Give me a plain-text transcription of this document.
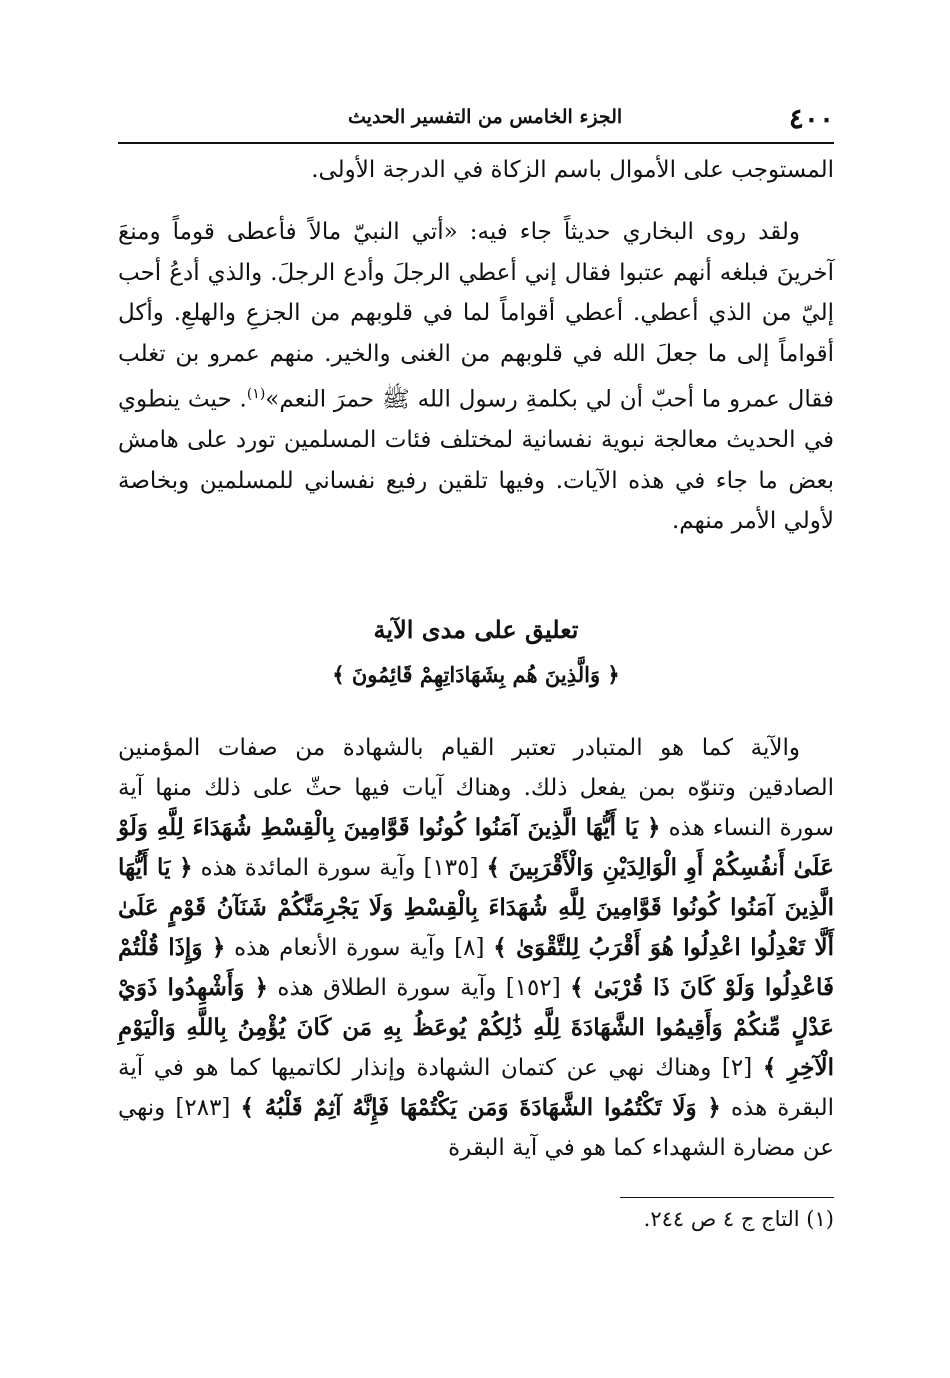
٤٠٠
الجزء الخامس من التفسير الحديث

المستوجب على الأموال باسم الزكاة في الدرجة الأولى.

ولقد روى البخاري حديثاً جاء فيه: «أتي النبيّ مالاً فأعطى قوماً ومنعَ آخرينَ فبلغه أنهم عتبوا فقال إني أعطي الرجلَ وأدع الرجلَ. والذي أدعُ أحب إليّ من الذي أعطي. أعطي أقواماً لما في قلوبهم من الجزعِ والهلعِ. وأكل أقواماً إلى ما جعلَ الله في قلوبهم من الغنى والخير. منهم عمرو بن تغلب فقال عمرو ما أحبّ أن لي بكلمةِ رسول الله ﷺ حمرَ النعم»$^{(١)}$. حيث ينطوي في الحديث معالجة نبوية نفسانية لمختلف فئات المسلمين تورد على هامش بعض ما جاء في هذه الآيات. وفيها تلقين رفيع نفساني للمسلمين وبخاصة لأولي الأمر منهم.

تعليق على مدى الآية
﴿ وَالَّذِينَ هُم بِشَهَادَاتِهِمْ قَائِمُونَ ﴾

والآية كما هو المتبادر تعتبر القيام بالشهادة من صفات المؤمنين الصادقين وتنوّه بمن يفعل ذلك. وهناك آيات فيها حثّ على ذلك منها آية سورة النساء هذه ﴿ يَا أَيُّهَا الَّذِينَ آمَنُوا كُونُوا قَوَّامِينَ بِالْقِسْطِ شُهَدَاءَ لِلَّهِ وَلَوْ عَلَىٰ أَنفُسِكُمْ أَوِ الْوَالِدَيْنِ وَالْأَقْرَبِينَ ﴾ [١٣٥] وآية سورة المائدة هذه ﴿ يَا أَيُّهَا الَّذِينَ آمَنُوا كُونُوا قَوَّامِينَ لِلَّهِ شُهَدَاءَ بِالْقِسْطِ وَلَا يَجْرِمَنَّكُمْ شَنَآنُ قَوْمٍ عَلَىٰ أَلَّا تَعْدِلُوا اعْدِلُوا هُوَ أَقْرَبُ لِلتَّقْوَىٰ ﴾ [٨] وآية سورة الأنعام هذه ﴿ وَإِذَا قُلْتُمْ فَاعْدِلُوا وَلَوْ كَانَ ذَا قُرْبَىٰ ﴾ [١٥٢] وآية سورة الطلاق هذه ﴿ وَأَشْهِدُوا ذَوَيْ عَدْلٍ مِّنكُمْ وَأَقِيمُوا الشَّهَادَةَ لِلَّهِ ذَٰلِكُمْ يُوعَظُ بِهِ مَن كَانَ يُؤْمِنُ بِاللَّهِ وَالْيَوْمِ الْآخِرِ ﴾ [٢] وهناك نهي عن كتمان الشهادة وإنذار لكاتميها كما هو في آية البقرة هذه ﴿ وَلَا تَكْتُمُوا الشَّهَادَةَ وَمَن يَكْتُمْهَا فَإِنَّهُ آثِمٌ قَلْبُهُ ﴾ [٢٨٣] ونهي عن مضارة الشهداء كما هو في آية البقرة

(١) التاج ج ٤ ص ٢٤٤.
